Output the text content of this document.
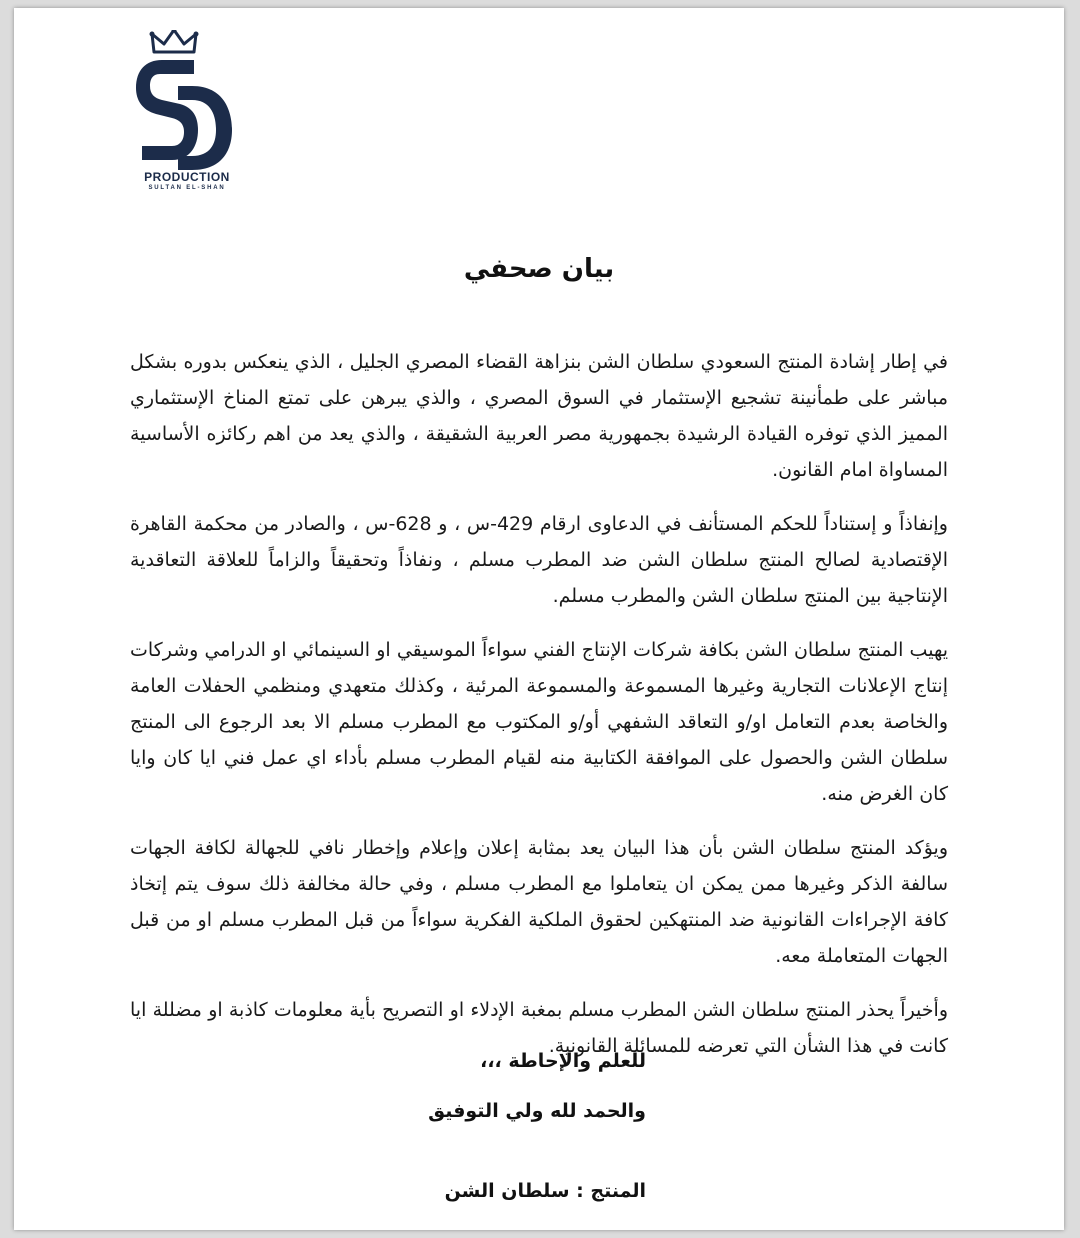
PRODUCTION
SULTAN EL-SHAN
بيان صحفي

في إطار إشادة المنتج السعودي سلطان الشن بنزاهة القضاء المصري الجليل ، الذي ينعكس بدوره بشكل مباشر على طمأنينة تشجيع الإستثمار في السوق المصري ، والذي يبرهن على تمتع المناخ الإستثماري المميز الذي توفره القيادة الرشيدة بجمهورية مصر العربية الشقيقة ، والذي يعد من اهم ركائزه الأساسية المساواة امام القانون.

وإنفاذاً و إستناداً للحكم المستأنف في الدعاوى ارقام 429-س ، و 628-س ، والصادر من محكمة القاهرة الإقتصادية لصالح المنتج سلطان الشن ضد المطرب مسلم ، ونفاذاً وتحقيقاً والزاماً للعلاقة التعاقدية الإنتاجية بين المنتج سلطان الشن والمطرب مسلم.

يهيب المنتج سلطان الشن بكافة شركات الإنتاج الفني سواءاً الموسيقي او السينمائي او الدرامي وشركات إنتاج الإعلانات التجارية وغيرها المسموعة والمسموعة المرئية ، وكذلك متعهدي ومنظمي الحفلات العامة والخاصة بعدم التعامل او/و التعاقد الشفهي أو/و المكتوب مع المطرب مسلم الا بعد الرجوع الى المنتج سلطان الشن والحصول على الموافقة الكتابية منه لقيام المطرب مسلم بأداء اي عمل فني ايا كان وايا كان الغرض منه.

ويؤكد المنتج سلطان الشن بأن هذا البيان يعد بمثابة إعلان وإعلام وإخطار نافي للجهالة لكافة الجهات سالفة الذكر وغيرها ممن يمكن ان يتعاملوا مع المطرب مسلم ، وفي حالة مخالفة ذلك سوف يتم إتخاذ كافة الإجراءات القانونية ضد المنتهكين لحقوق الملكية الفكرية سواءاً من قبل المطرب مسلم او من قبل الجهات المتعاملة معه.

وأخيراً يحذر المنتج سلطان الشن المطرب مسلم بمغبة الإدلاء او التصريح بأية معلومات كاذبة او مضللة ايا كانت في هذا الشأن التي تعرضه للمسائلة القانونية.

للعلم والإحاطة ،،،
والحمد لله ولي التوفيق
المنتج : سلطان الشن
